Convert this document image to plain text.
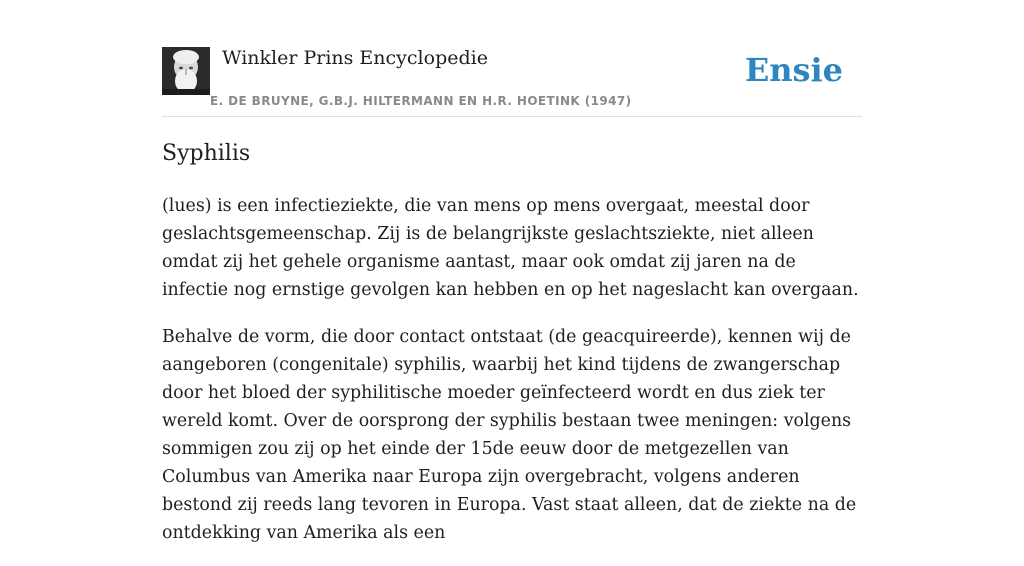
Winkler Prins Encyclopedie
E. DE BRUYNE, G.B.J. HILTERMANN EN H.R. HOETINK (1947)
Ensie
Syphilis

(lues) is een infectieziekte, die van mens op mens overgaat, meestal door geslachtsgemeenschap. Zij is de belangrijkste geslachtsziekte, niet alleen omdat zij het gehele organisme aantast, maar ook omdat zij jaren na de infectie nog ernstige gevolgen kan hebben en op het nageslacht kan overgaan.

Behalve de vorm, die door contact ontstaat (de geacquireerde), kennen wij de aangeboren (congenitale) syphilis, waarbij het kind tijdens de zwangerschap door het bloed der syphilitische moeder geïnfecteerd wordt en dus ziek ter wereld komt. Over de oorsprong der syphilis bestaan twee meningen: volgens sommigen zou zij op het einde der 15de eeuw door de metgezellen van Columbus van Amerika naar Europa zijn overgebracht, volgens anderen bestond zij reeds lang tevoren in Europa. Vast staat alleen, dat de ziekte na de ontdekking van Amerika als een
